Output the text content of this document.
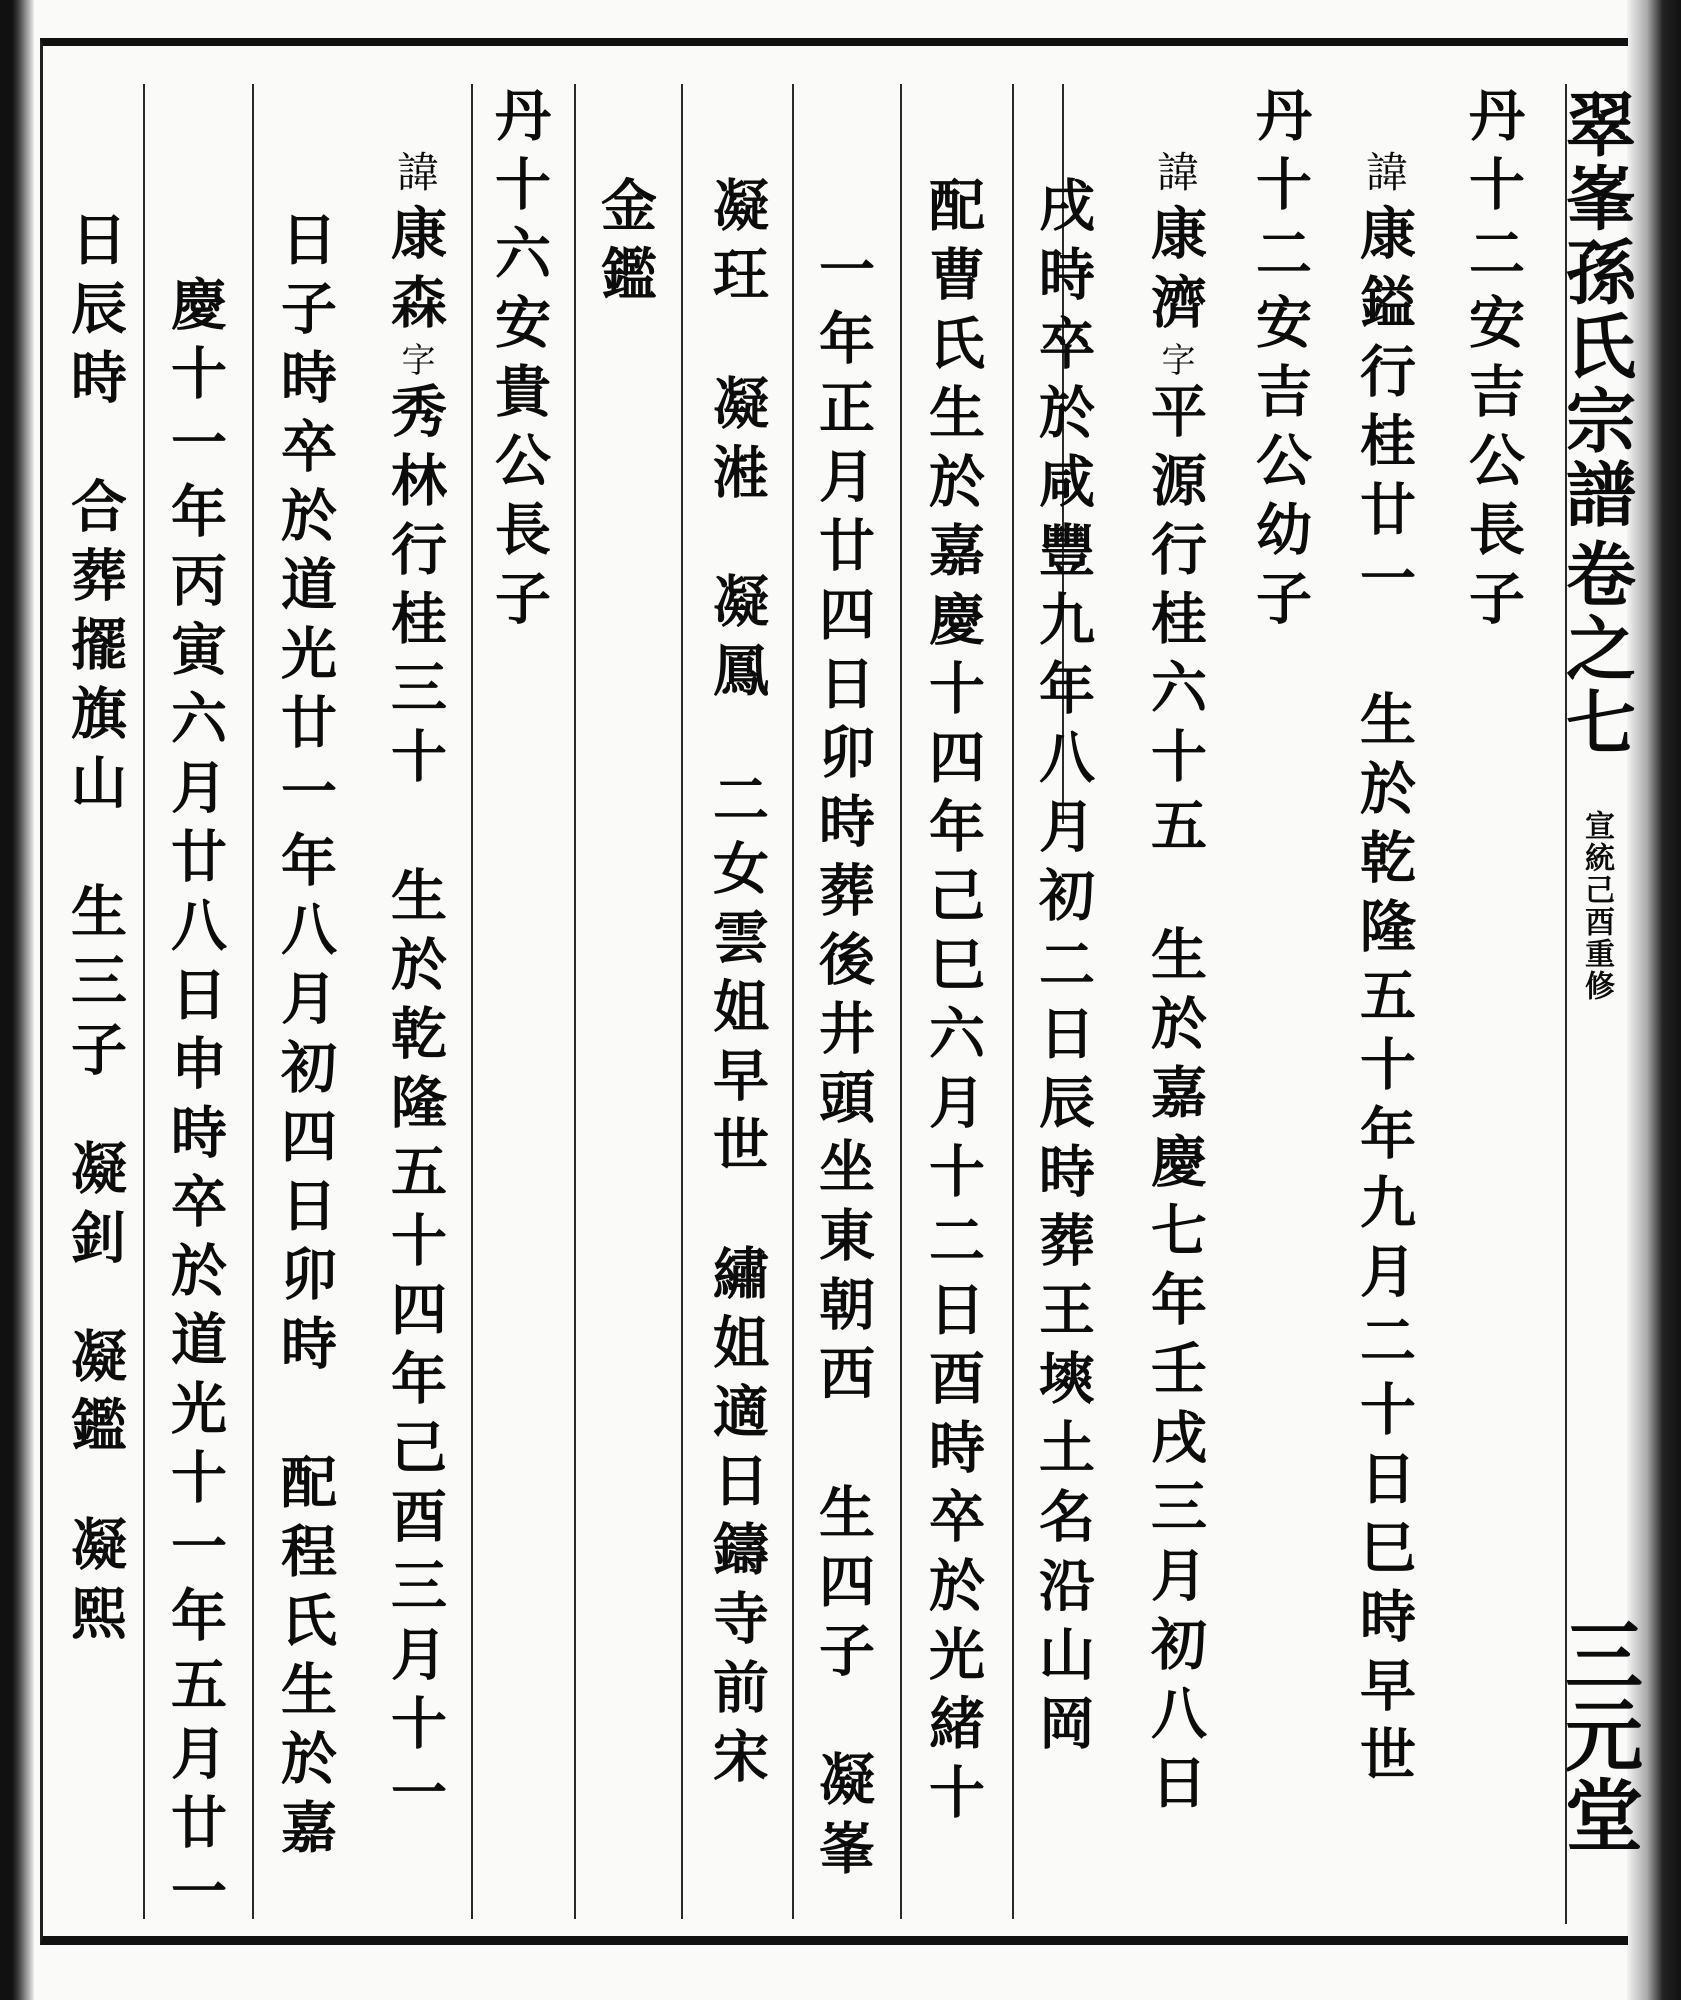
翠峯孫氏宗譜
卷之七
宣統己酉重修
三元堂
丹十二安吉公長子
諱
康鎰行桂廿一
生於乾隆五十年九月二十日巳時早世
丹十二安吉公幼子
諱
康濟
字
平源行桂六十五
生於嘉慶七年壬戌三月初八日
戌時卒於咸豐九年八月初二日辰時葬王塽土名沿山岡
配曹氏生於嘉慶十四年己巳六月十二日酉時卒於光緒十
一年正月廿四日卯時葬後井頭坐東朝西
生四子
凝峯
凝玨
凝溎
凝鳳
二女雲姐早世
繡姐適日鑄寺前宋
金鑑
丹十六安貴公長子
諱
康森
字
秀林行桂三十
生於乾隆五十四年己酉三月十一
日子時卒於道光廿一年八月初四日卯時
配程氏生於嘉
慶十一年丙寅六月廿八日申時卒於道光十一年五月廿一
日辰時
合葬擺旗山
生三子
凝釗
凝鑑
凝熙
